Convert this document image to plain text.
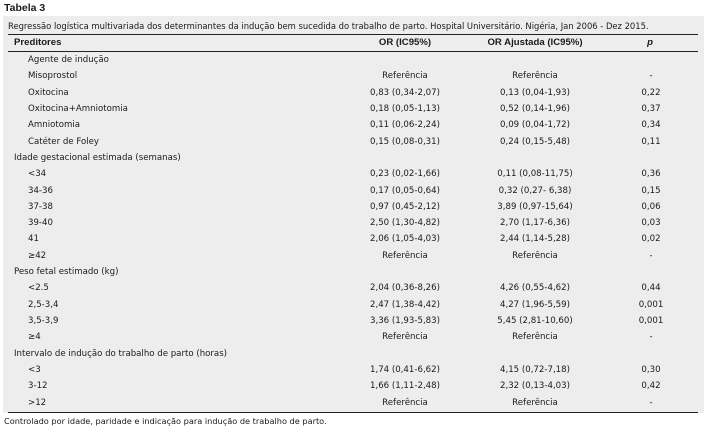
Tabela 3
Regressão logística multivariada dos determinantes da indução bem sucedida do trabalho de parto. Hospital Universitário. Nigéria, Jan 2006 - Dez 2015.
Preditores	OR (IC95%)	OR Ajustada (IC95%)	p
Agente de indução
Misoprostol	Referência	Referência	-
Oxitocina	0,83 (0,34-2,07)	0,13 (0,04-1,93)	0,22
Oxitocina+Amniotomia	0,18 (0,05-1,13)	0,52 (0,14-1,96)	0,37
Amniotomia	0,11 (0,06-2,24)	0,09 (0,04-1,72)	0,34
Catéter de Foley	0,15 (0,08-0,31)	0,24 (0,15-5,48)	0,11
Idade gestacional estimada (semanas)
<34	0,23 (0,02-1,66)	0,11 (0,08-11,75)	0,36
34-36	0,17 (0,05-0,64)	0,32 (0,27- 6,38)	0,15
37-38	0,97 (0,45-2,12)	3,89 (0,97-15,64)	0,06
39-40	2,50 (1,30-4,82)	2,70 (1,17-6,36)	0,03
41	2,06 (1,05-4,03)	2,44 (1,14-5,28)	0,02
≥42	Referência	Referência	-
Peso fetal estimado (kg)
<2.5	2,04 (0,36-8,26)	4,26 (0,55-4,62)	0,44
2,5-3,4	2,47 (1,38-4,42)	4,27 (1,96-5,59)	0,001
3,5-3,9	3,36 (1,93-5,83)	5,45 (2,81-10,60)	0,001
≥4	Referência	Referência	-
Intervalo de indução do trabalho de parto (horas)
<3	1,74 (0,41-6,62)	4,15 (0,72-7,18)	0,30
3-12	1,66 (1,11-2,48)	2,32 (0,13-4,03)	0,42
>12	Referência	Referência	-
Controlado por idade, paridade e indicação para indução de trabalho de parto.
